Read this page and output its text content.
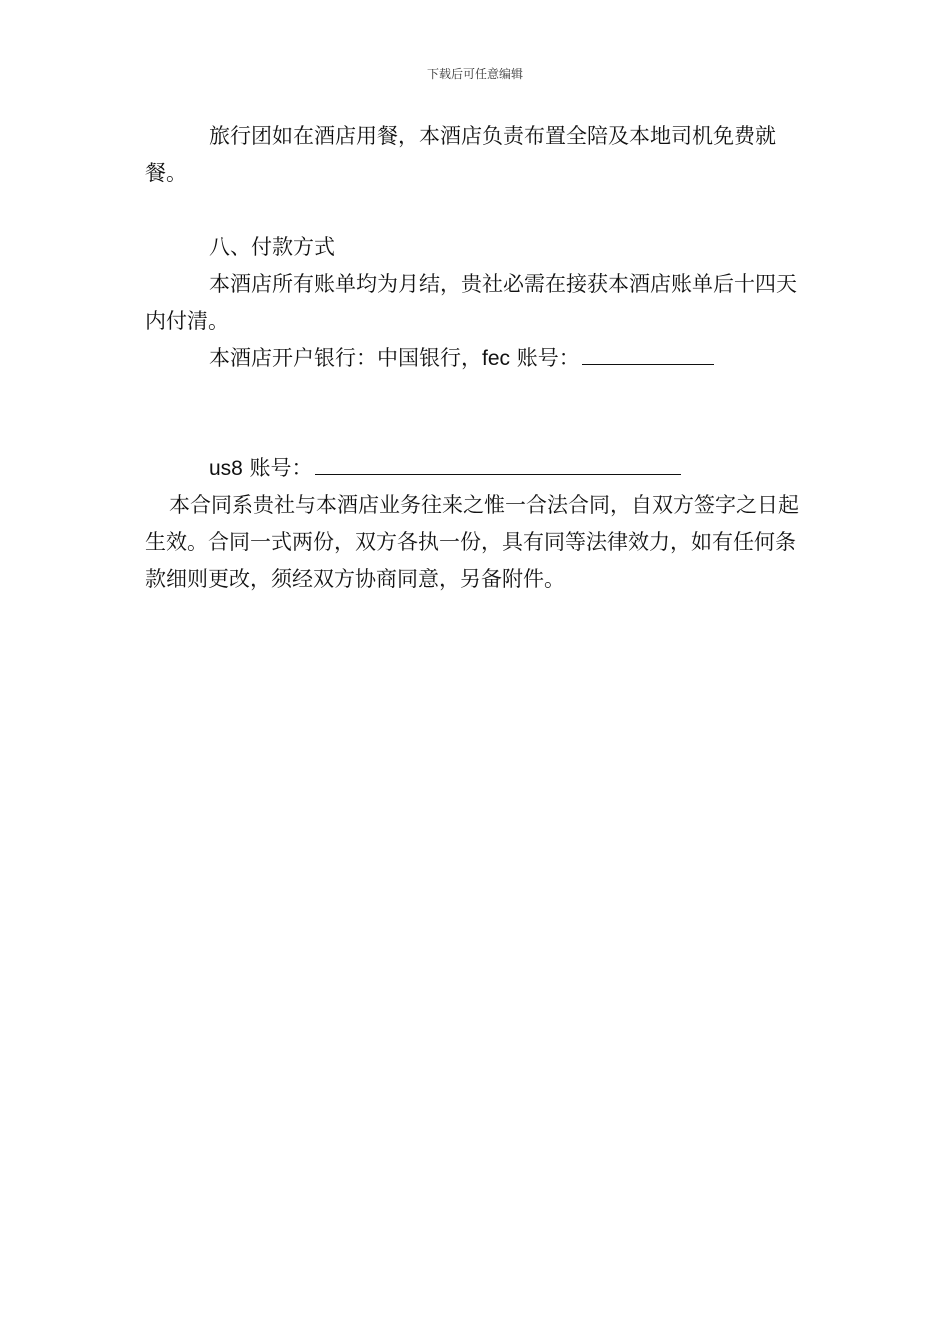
下载后可任意编辑

旅行团如在酒店用餐，本酒店负责布置全陪及本地司机免费就餐。

八、付款方式

本酒店所有账单均为月结，贵社必需在接获本酒店账单后十四天内付清。

本酒店开户银行：中国银行，fec 账号：

us8 账号：

本合同系贵社与本酒店业务往来之惟一合法合同，自双方签字之日起生效。合同一式两份，双方各执一份，具有同等法律效力，如有任何条款细则更改，须经双方协商同意，另备附件。
